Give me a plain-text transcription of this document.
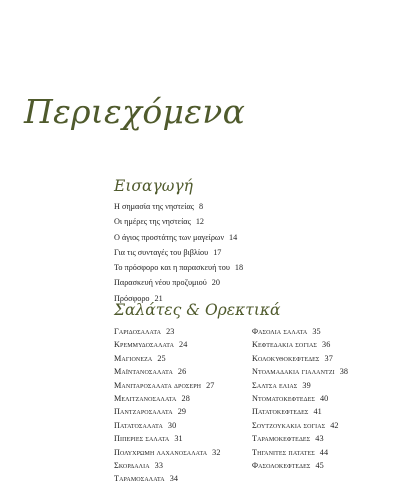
Περιεχόμενα
Εισαγωγή
Η σημασία της νηστείας 8
Οι ημέρες της νηστείας 12
Ο άγιος προστάτης των μαγείρων 14
Για τις συνταγές του βιβλίου 17
Το πρόσφορο και η παρασκευή του 18
Παρασκευή νέου προζυμιού 20
Πρόσφορο 21
Σαλάτες & Ορεκτικά
Γαριδοσαλατα 23
Κρεμμυδοσαλατα 24
Μαγιονεζα 25
Μαϊντανοσαλατα 26
Μανιταροσαλατα δροσερη 27
Μελιτζανοσαλατα 28
Παντζαροσαλατα 29
Πατατοσαλατα 30
Πιπεριες σαλατα 31
Πολυχρωμη λαχανοσαλατα 32
Σκορδαλια 33
Ταραμοσαλατα 34
Φασολια σαλατα 35
Κεφτεδακια σογιας 36
Κολοκυθοκεφτεδες 37
Ντολμαδακια γιαλαντζι 38
Σαλτσα ελιας 39
Ντοματοκεφτεδες 40
Πατατοκεφτεδες 41
Σουτζουκακια σογιας 42
Ταραμοκεφτεδες 43
Τηγανιτες πατατες 44
Φασολοκεφτεδες 45
